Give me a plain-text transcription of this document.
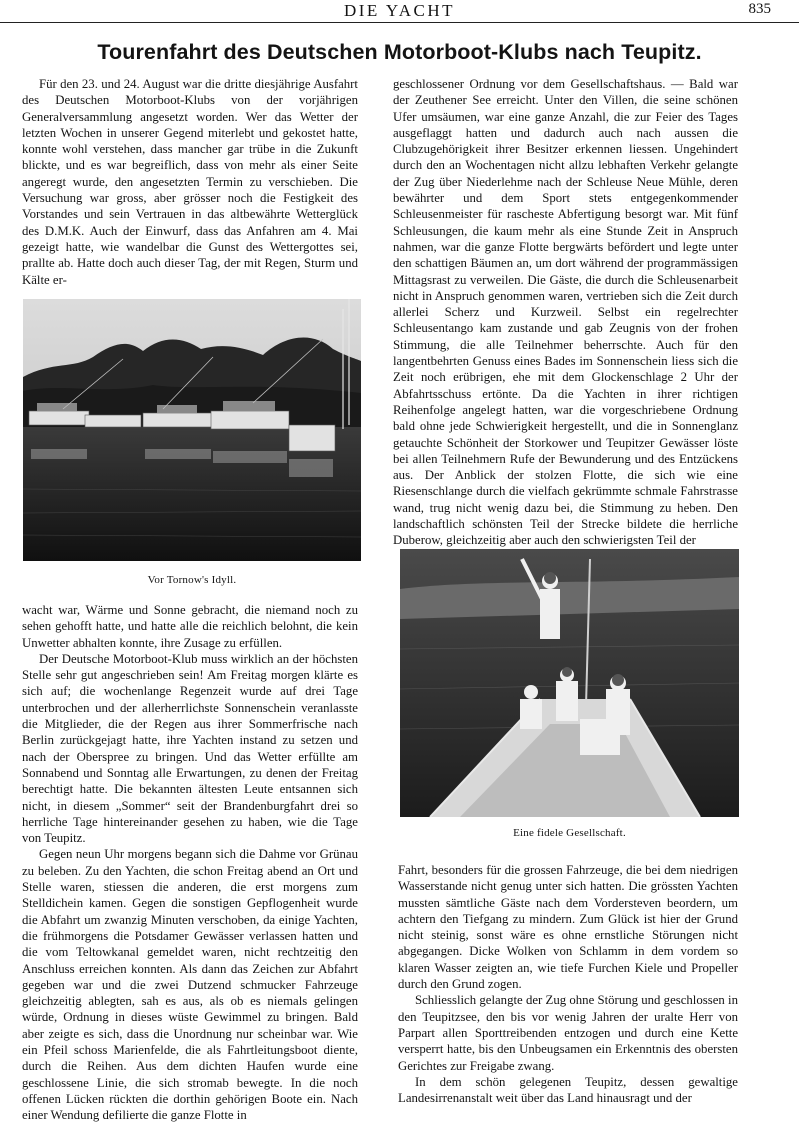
DIE YACHT	835
Tourenfahrt des Deutschen Motorboot-Klubs nach Teupitz.

Für den 23. und 24. August war die dritte diesjährige Ausfahrt des Deutschen Motorboot-Klubs von der vorjährigen Generalversammlung angesetzt worden. Wer das Wetter der letzten Wochen in unserer Gegend miterlebt und gekostet hatte, konnte wohl verstehen, dass mancher gar trübe in die Zukunft blickte, und es war begreiflich, dass von mehr als einer Seite angeregt wurde, den angesetzten Termin zu verschieben. Die Versuchung war gross, aber grösser noch die Festigkeit des Vorstandes und sein Vertrauen in das altbewährte Wetterglück des D.M.K. Auch der Einwurf, dass das Anfahren am 4. Mai gezeigt hatte, wie wandelbar die Gunst des Wettergottes sei, prallte ab. Hatte doch auch dieser Tag, der mit Regen, Sturm und Kälte er-

Vor Tornow's Idyll.

wacht war, Wärme und Sonne gebracht, die niemand noch zu sehen gehofft hatte, und hatte alle die reichlich belohnt, die kein Unwetter abhalten konnte, ihre Zusage zu erfüllen.

Der Deutsche Motorboot-Klub muss wirklich an der höchsten Stelle sehr gut angeschrieben sein! Am Freitag morgen klärte es sich auf; die wochenlange Regenzeit wurde auf drei Tage unterbrochen und der allerherrlichste Sonnenschein veranlasste die Mitglieder, die der Regen aus ihrer Sommerfrische nach Berlin zurückgejagt hatte, ihre Yachten instand zu setzen und nach der Oberspree zu bringen. Und das Wetter erfüllte am Sonnabend und Sonntag alle Erwartungen, zu denen der Freitag berechtigt hatte. Die bekannten ältesten Leute entsannen sich nicht, in diesem „Sommer“ seit der Brandenburgfahrt drei so herrliche Tage hintereinander gesehen zu haben, wie die Tage von Teupitz.

Gegen neun Uhr morgens begann sich die Dahme vor Grünau zu beleben. Zu den Yachten, die schon Freitag abend an Ort und Stelle waren, stiessen die anderen, die erst morgens zum Stelldichein kamen. Gegen die sonstigen Gepflogenheit wurde die Abfahrt um zwanzig Minuten verschoben, da einige Yachten, die frühmorgens die Potsdamer Gewässer verlassen hatten und die vom Teltowkanal gemeldet waren, nicht rechtzeitig den Anschluss erreichen konnten. Als dann das Zeichen zur Abfahrt gegeben war und die zwei Dutzend schmucker Fahrzeuge gleichzeitig ablegten, sah es aus, als ob es niemals gelingen würde, Ordnung in dieses wüste Gewimmel zu bringen. Bald aber zeigte es sich, dass die Unordnung nur scheinbar war. Wie ein Pfeil schoss Marienfelde, die als Fahrtleitungsboot diente, durch die Reihen. Aus dem dichten Haufen wurde eine geschlossene Linie, die sich stromab bewegte. In die noch offenen Lücken rückten die dorthin gehörigen Boote ein. Nach einer Wendung defilierte die ganze Flotte in

geschlossener Ordnung vor dem Gesellschaftshaus. — Bald war der Zeuthener See erreicht. Unter den Villen, die seine schönen Ufer umsäumen, war eine ganze Anzahl, die zur Feier des Tages ausgeflaggt hatten und dadurch auch nach aussen die Clubzugehörigkeit ihrer Besitzer erkennen liessen. Ungehindert durch den an Wochentagen nicht allzu lebhaften Verkehr gelangte der Zug über Niederlehme nach der Schleuse Neue Mühle, deren bewährter und dem Sport stets entgegenkommender Schleusenmeister für rascheste Abfertigung besorgt war. Mit fünf Schleusungen, die kaum mehr als eine Stunde Zeit in Anspruch nahmen, war die ganze Flotte bergwärts befördert und legte unter den schattigen Bäumen an, um dort während der programmässigen Mittagsrast zu verweilen. Die Gäste, die durch die Schleusenarbeit nicht in Anspruch genommen waren, vertrieben sich die Zeit durch allerlei Scherz und Kurzweil. Selbst ein regelrechter Schleusentango kam zustande und gab Zeugnis von der frohen Stimmung, die alle Teilnehmer beherrschte. Auch für den langentbehrten Genuss eines Bades im Sonnenschein liess sich die Zeit noch erübrigen, ehe mit dem Glockenschlage 2 Uhr der Abfahrtsschuss ertönte. Da die Yachten in ihrer richtigen Reihenfolge angelegt hatten, war die vorgeschriebene Ordnung bald ohne jede Schwierigkeit hergestellt, und die in Sonnenglanz getauchte Schönheit der Storkower und Teupitzer Gewässer löste bei allen Teilnehmern Rufe der Bewunderung und des Entzückens aus. Der Anblick der stolzen Flotte, die sich wie eine Riesenschlange durch die vielfach gekrümmte schmale Fahrstrasse wand, trug nicht wenig dazu bei, die Stimmung zu heben. Den landschaftlich schönsten Teil der Strecke bildete die herrliche Duberow, gleichzeitig aber auch den schwierigsten Teil der

Eine fidele Gesellschaft.

Fahrt, besonders für die grossen Fahrzeuge, die bei dem niedrigen Wasserstande nicht genug unter sich hatten. Die grössten Yachten mussten sämtliche Gäste nach dem Vordersteven beordern, um achtern den Tiefgang zu mindern. Zum Glück ist hier der Grund nicht steinig, sonst wäre es ohne ernstliche Störungen nicht abgegangen. Dicke Wolken von Schlamm in dem vordem so klaren Wasser zeigten an, wie tiefe Furchen Kiele und Propeller durch den Grund zogen.

Schliesslich gelangte der Zug ohne Störung und geschlossen in den Teupitzsee, den bis vor wenig Jahren der uralte Herr von Parpart allen Sporttreibenden entzogen und durch eine Kette versperrt hatte, bis den Unbeugsamen ein Erkenntnis des obersten Gerichtes zur Freigabe zwang.

In dem schön gelegenen Teupitz, dessen gewaltige Landesirrenanstalt weit über das Land hinausragt und der
